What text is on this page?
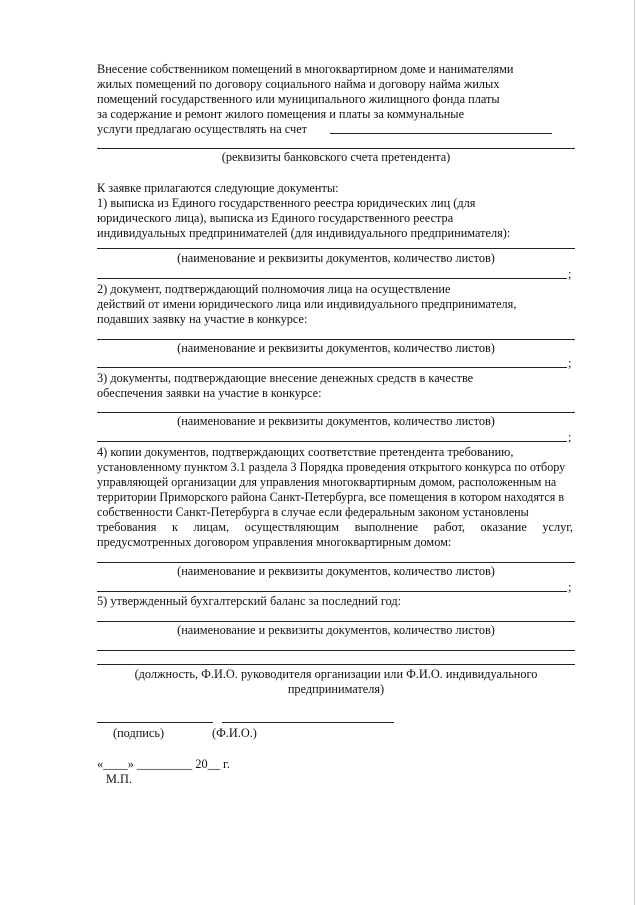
Внесение собственником помещений в многоквартирном доме и нанимателями
жилых помещений по договору социального найма и договору найма жилых
помещений государственного или муниципального жилищного фонда платы
за содержание и ремонт жилого помещения и платы за коммунальные
услуги предлагаю осуществлять на счет
(реквизиты банковского счета претендента)
К заявке прилагаются следующие документы:
1) выписка из Единого государственного реестра юридических лиц (для
юридического лица), выписка из Единого государственного реестра
индивидуальных предпринимателей (для индивидуального предпринимателя):
(наименование и реквизиты документов, количество листов)
;
2) документ, подтверждающий полномочия лица на осуществление
действий от имени юридического лица или индивидуального предпринимателя,
подавших заявку на участие в конкурсе:
(наименование и реквизиты документов, количество листов)
;
3) документы, подтверждающие внесение денежных средств в качестве
обеспечения заявки на участие в конкурсе:
(наименование и реквизиты документов, количество листов)
;
4) копии документов, подтверждающих соответствие претендента требованию,
установленному пунктом 3.1 раздела 3 Порядка проведения открытого конкурса по отбору
управляющей организации для управления многоквартирным домом, расположенным на
территории Приморского района Санкт-Петербурга, все помещения в котором находятся в
собственности Санкт-Петербурга в случае если федеральным законом установлены
требования к лицам, осуществляющим выполнение работ, оказание услуг,
предусмотренных договором управления многоквартирным домом:
(наименование и реквизиты документов, количество листов)
;
5) утвержденный бухгалтерский баланс за последний год:
(наименование и реквизиты документов, количество листов)
(должность, Ф.И.О. руководителя организации или Ф.И.О. индивидуального
предпринимателя)
(подпись)	(Ф.И.О.)
«____» _________ 20__ г.
М.П.
